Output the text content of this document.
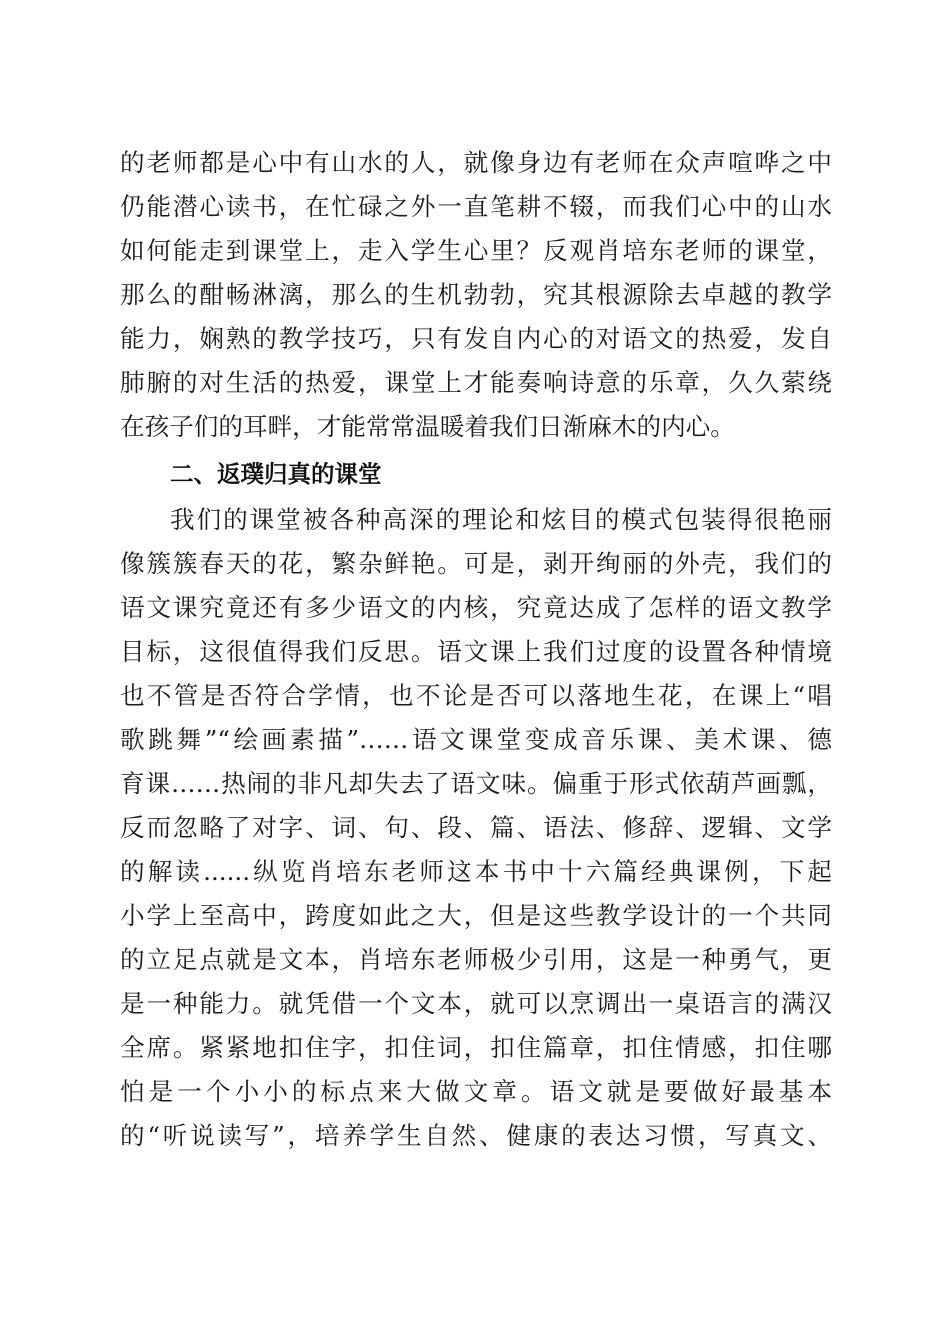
的老师都是心中有山水的人，就像身边有老师在众声喧哗之中
仍能潜心读书，在忙碌之外一直笔耕不辍，而我们心中的山水
如何能走到课堂上，走入学生心里？反观肖培东老师的课堂，
那么的酣畅淋漓，那么的生机勃勃，究其根源除去卓越的教学
能力，娴熟的教学技巧，只有发自内心的对语文的热爱，发自
肺腑的对生活的热爱，课堂上才能奏响诗意的乐章，久久萦绕
在孩子们的耳畔，才能常常温暖着我们日渐麻木的内心。
二、返璞归真的课堂
我们的课堂被各种高深的理论和炫目的模式包装得很艳丽
像簇簇春天的花，繁杂鲜艳。可是，剥开绚丽的外壳，我们的
语文课究竟还有多少语文的内核，究竟达成了怎样的语文教学
目标，这很值得我们反思。语文课上我们过度的设置各种情境
也不管是否符合学情，也不论是否可以落地生花，在课上“唱
歌跳舞”“绘画素描”……语文课堂变成音乐课、美术课、德
育课……热闹的非凡却失去了语文味。偏重于形式依葫芦画瓢，
反而忽略了对字、词、句、段、篇、语法、修辞、逻辑、文学
的解读......纵览肖培东老师这本书中十六篇经典课例，下起
小学上至高中，跨度如此之大，但是这些教学设计的一个共同
的立足点就是文本，肖培东老师极少引用，这是一种勇气，更
是一种能力。就凭借一个文本，就可以烹调出一桌语言的满汉
全席。紧紧地扣住字，扣住词，扣住篇章，扣住情感，扣住哪
怕是一个小小的标点来大做文章。语文就是要做好最基本
的“听说读写”，培养学生自然、健康的表达习惯，写真文、
